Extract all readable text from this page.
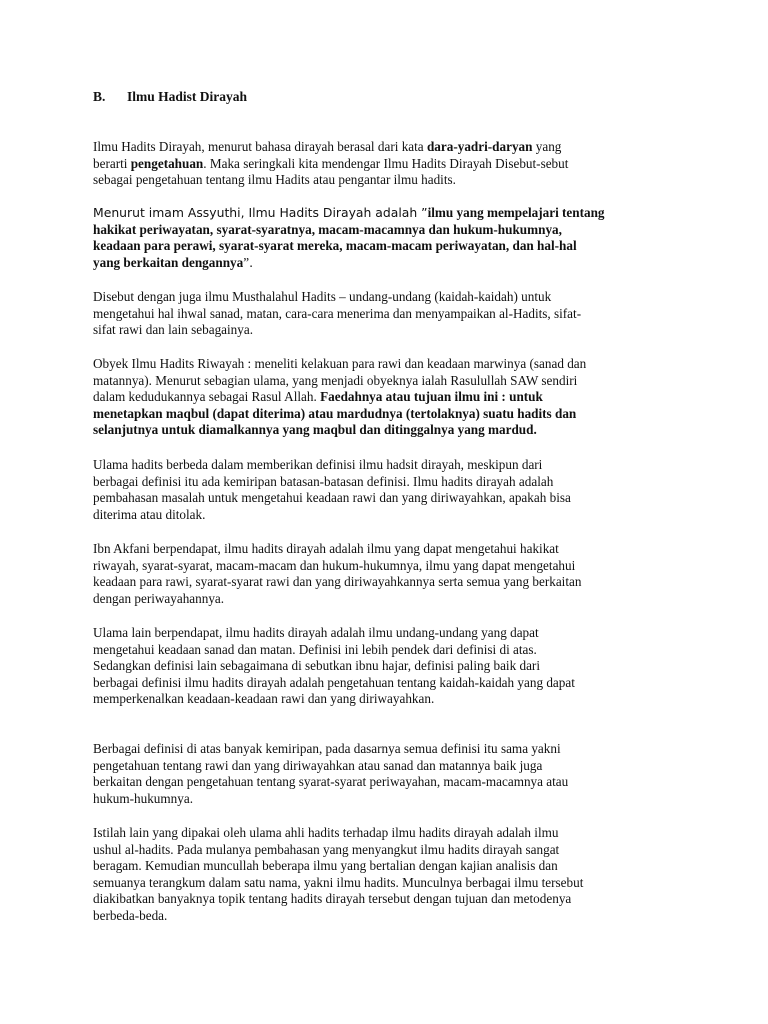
B. Ilmu Hadist Dirayah
Ilmu Hadits Dirayah, menurut bahasa dirayah berasal dari kata dara-yadri-daryan yang
berarti pengetahuan. Maka seringkali kita mendengar Ilmu Hadits Dirayah Disebut-sebut
sebagai pengetahuan tentang ilmu Hadits atau pengantar ilmu hadits.
Menurut imam Assyuthi, Ilmu Hadits Dirayah adalah ”ilmu yang mempelajari tentang
hakikat periwayatan, syarat-syaratnya, macam-macamnya dan hukum-hukumnya,
keadaan para perawi, syarat-syarat mereka, macam-macam periwayatan, dan hal-hal
yang berkaitan dengannya”.
Disebut dengan juga ilmu Musthalahul Hadits – undang-undang (kaidah-kaidah) untuk
mengetahui hal ihwal sanad, matan, cara-cara menerima dan menyampaikan al-Hadits, sifat-
sifat rawi dan lain sebagainya.
Obyek Ilmu Hadits Riwayah : meneliti kelakuan para rawi dan keadaan marwinya (sanad dan
matannya). Menurut sebagian ulama, yang menjadi obyeknya ialah Rasulullah SAW sendiri
dalam kedudukannya sebagai Rasul Allah. Faedahnya atau tujuan ilmu ini : untuk
menetapkan maqbul (dapat diterima) atau mardudnya (tertolaknya) suatu hadits dan
selanjutnya untuk diamalkannya yang maqbul dan ditinggalnya yang mardud.
Ulama hadits berbeda dalam memberikan definisi ilmu hadsit dirayah, meskipun dari
berbagai definisi itu ada kemiripan batasan-batasan definisi. Ilmu hadits dirayah adalah
pembahasan masalah untuk mengetahui keadaan rawi dan yang diriwayahkan, apakah bisa
diterima atau ditolak.
Ibn Akfani berpendapat, ilmu hadits dirayah adalah ilmu yang dapat mengetahui hakikat
riwayah, syarat-syarat, macam-macam dan hukum-hukumnya, ilmu yang dapat mengetahui
keadaan para rawi, syarat-syarat rawi dan yang diriwayahkannya serta semua yang berkaitan
dengan periwayahannya.
Ulama lain berpendapat, ilmu hadits dirayah adalah ilmu undang-undang yang dapat
mengetahui keadaan sanad dan matan. Definisi ini lebih pendek dari definisi di atas.
Sedangkan definisi lain sebagaimana di sebutkan ibnu hajar, definisi paling baik dari
berbagai definisi ilmu hadits dirayah adalah pengetahuan tentang kaidah-kaidah yang dapat
memperkenalkan keadaan-keadaan rawi dan yang diriwayahkan.
Berbagai definisi di atas banyak kemiripan, pada dasarnya semua definisi itu sama yakni
pengetahuan tentang rawi dan yang diriwayahkan atau sanad dan matannya baik juga
berkaitan dengan pengetahuan tentang syarat-syarat periwayahan, macam-macamnya atau
hukum-hukumnya.
Istilah lain yang dipakai oleh ulama ahli hadits terhadap ilmu hadits dirayah adalah ilmu
ushul al-hadits. Pada mulanya pembahasan yang menyangkut ilmu hadits dirayah sangat
beragam. Kemudian muncullah beberapa ilmu yang bertalian dengan kajian analisis dan
semuanya terangkum dalam satu nama, yakni ilmu hadits. Munculnya berbagai ilmu tersebut
diakibatkan banyaknya topik tentang hadits dirayah tersebut dengan tujuan dan metodenya
berbeda-beda.
